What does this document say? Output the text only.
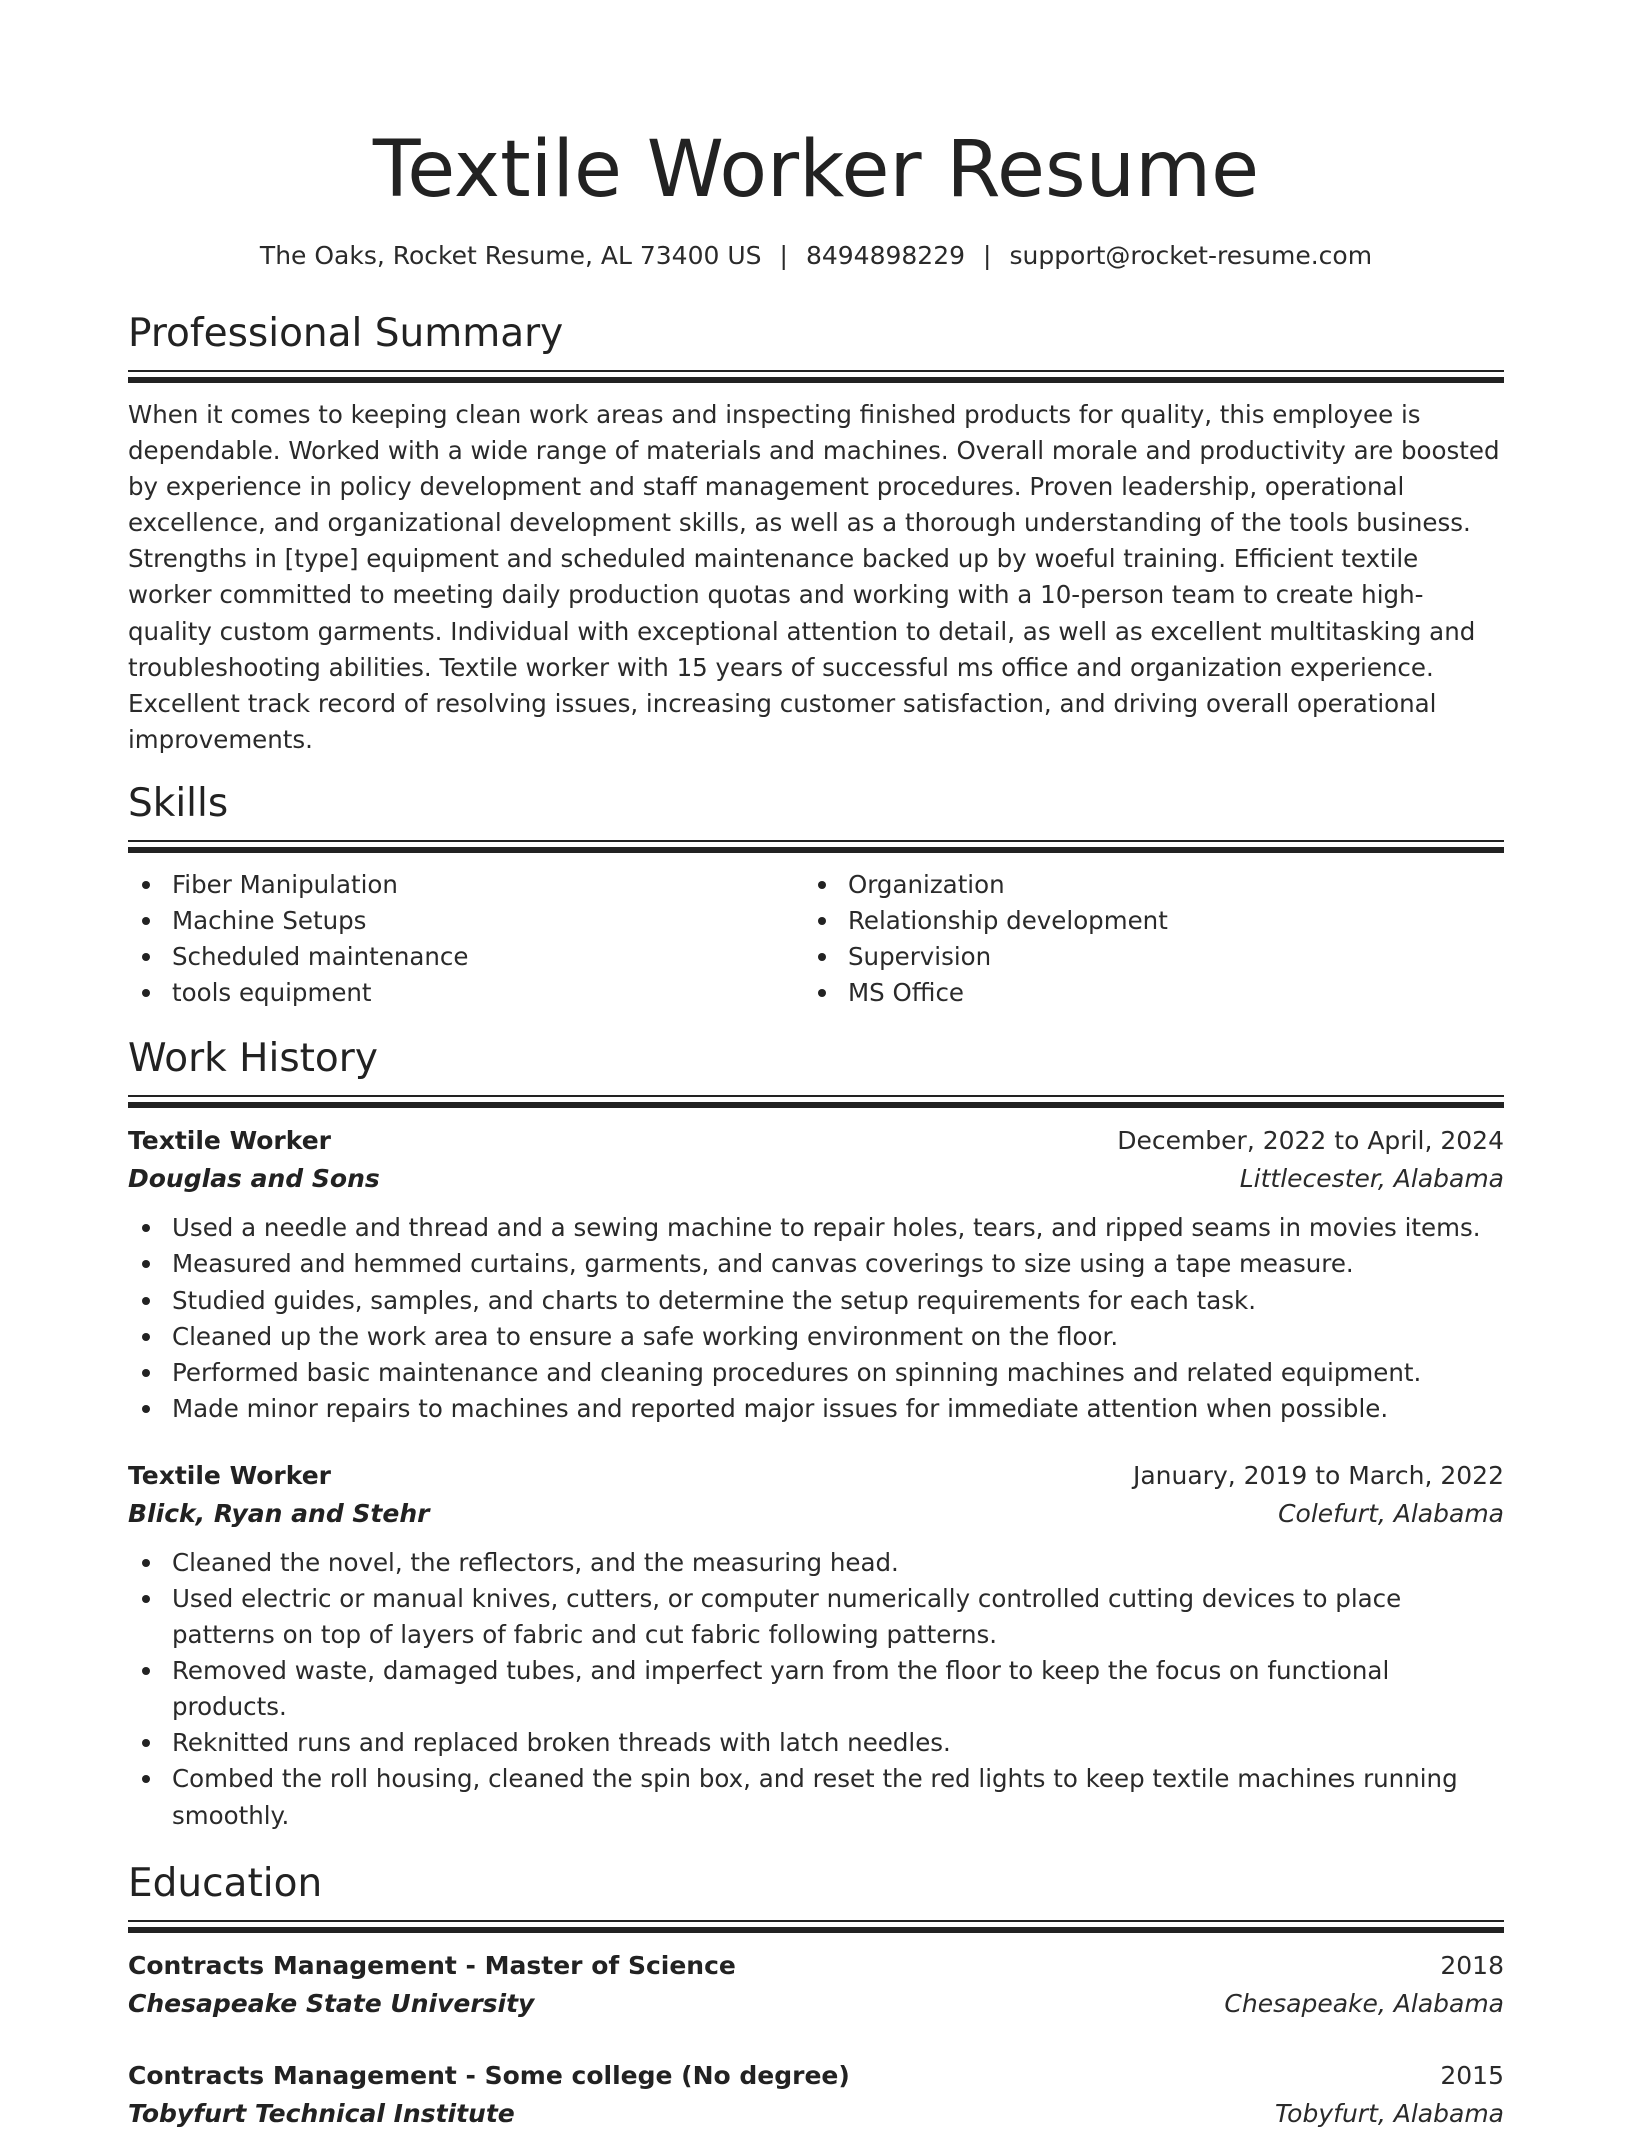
Textile Worker Resume
The Oaks, Rocket Resume, AL 73400 US | 8494898229 | support@rocket-resume.com
Professional Summary

When it comes to keeping clean work areas and inspecting finished products for quality, this employee is dependable. Worked with a wide range of materials and machines. Overall morale and productivity are boosted by experience in policy development and staff management procedures. Proven leadership, operational excellence, and organizational development skills, as well as a thorough understanding of the tools business. Strengths in [type] equipment and scheduled maintenance backed up by woeful training. Efficient textile worker committed to meeting daily production quotas and working with a 10-person team to create high-quality custom garments. Individual with exceptional attention to detail, as well as excellent multitasking and troubleshooting abilities. Textile worker with 15 years of successful ms office and organization experience. Excellent track record of resolving issues, increasing customer satisfaction, and driving overall operational improvements.

Skills
Fiber Manipulation
Machine Setups
Scheduled maintenance
tools equipment
Organization
Relationship development
Supervision
MS Office
Work History
Textile Worker	December, 2022 to April, 2024
Douglas and Sons	Littlecester, Alabama
Used a needle and thread and a sewing machine to repair holes, tears, and ripped seams in movies items.
Measured and hemmed curtains, garments, and canvas coverings to size using a tape measure.
Studied guides, samples, and charts to determine the setup requirements for each task.
Cleaned up the work area to ensure a safe working environment on the floor.
Performed basic maintenance and cleaning procedures on spinning machines and related equipment.
Made minor repairs to machines and reported major issues for immediate attention when possible.
Textile Worker	January, 2019 to March, 2022
Blick, Ryan and Stehr	Colefurt, Alabama
Cleaned the novel, the reflectors, and the measuring head.
Used electric or manual knives, cutters, or computer numerically controlled cutting devices to place patterns on top of layers of fabric and cut fabric following patterns.
Removed waste, damaged tubes, and imperfect yarn from the floor to keep the focus on functional products.
Reknitted runs and replaced broken threads with latch needles.
Combed the roll housing, cleaned the spin box, and reset the red lights to keep textile machines running smoothly.
Education
Contracts Management - Master of Science	2018
Chesapeake State University	Chesapeake, Alabama
Contracts Management - Some college (No degree)	2015
Tobyfurt Technical Institute	Tobyfurt, Alabama
